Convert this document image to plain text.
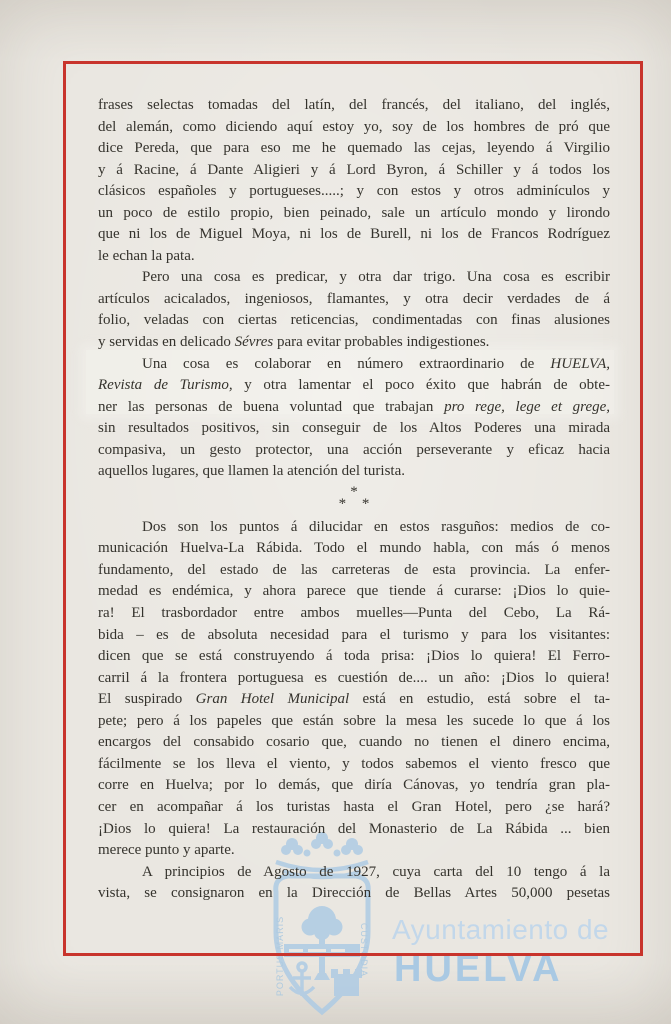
PORTUS MARIS	CUSTODIA Ayuntamiento de
HUELVA
frases selectas tomadas del latín, del francés, del italiano, del inglés,
del alemán, como diciendo aquí estoy yo, soy de los hombres de pró que
dice Pereda, que para eso me he quemado las cejas, leyendo á Virgilio
y á Racine, á Dante Aligieri y á Lord Byron, á Schiller y á todos los
clásicos españoles y portugueses.....; y con estos y otros adminículos y
un poco de estilo propio, bien peinado, sale un artículo mondo y lirondo
que ni los de Miguel Moya, ni los de Burell, ni los de Francos Rodríguez
le echan la pata.
Pero una cosa es predicar, y otra dar trigo. Una cosa es escribir
artículos acicalados, ingeniosos, flamantes, y otra decir verdades de á
folio, veladas con ciertas reticencias, condimentadas con finas alusiones
y servidas en delicado Sévres para evitar probables indigestiones.
Una cosa es colaborar en número extraordinario de HUELVA,
Revista de Turismo, y otra lamentar el poco éxito que habrán de obte-
ner las personas de buena voluntad que trabajan pro rege, lege et grege,
sin resultados positivos, sin conseguir de los Altos Poderes una mirada
compasiva, un gesto protector, una acción perseverante y eficaz hacia
aquellos lugares, que llamen la atención del turista.
*
* *
Dos son los puntos á dilucidar en estos rasguños: medios de co-
municación Huelva-La Rábida. Todo el mundo habla, con más ó menos
fundamento, del estado de las carreteras de esta provincia. La enfer-
medad es endémica, y ahora parece que tiende á curarse: ¡Dios lo quie-
ra! El trasbordador entre ambos muelles—Punta del Cebo, La Rá-
bida – es de absoluta necesidad para el turismo y para los visitantes:
dicen que se está construyendo á toda prisa: ¡Dios lo quiera! El Ferro-
carril á la frontera portuguesa es cuestión de.... un año: ¡Dios lo quiera!
El suspirado Gran Hotel Municipal está en estudio, está sobre el ta-
pete; pero á los papeles que están sobre la mesa les sucede lo que á los
encargos del consabido cosario que, cuando no tienen el dinero encima,
fácilmente se los lleva el viento, y todos sabemos el viento fresco que
corre en Huelva; por lo demás, que diría Cánovas, yo tendría gran pla-
cer en acompañar á los turistas hasta el Gran Hotel, pero ¿se hará?
¡Dios lo quiera! La restauración del Monasterio de La Rábida ... bien
merece punto y aparte.
A principios de Agosto de 1927, cuya carta del 10 tengo á la
vista, se consignaron en la Dirección de Bellas Artes 50,000 pesetas
